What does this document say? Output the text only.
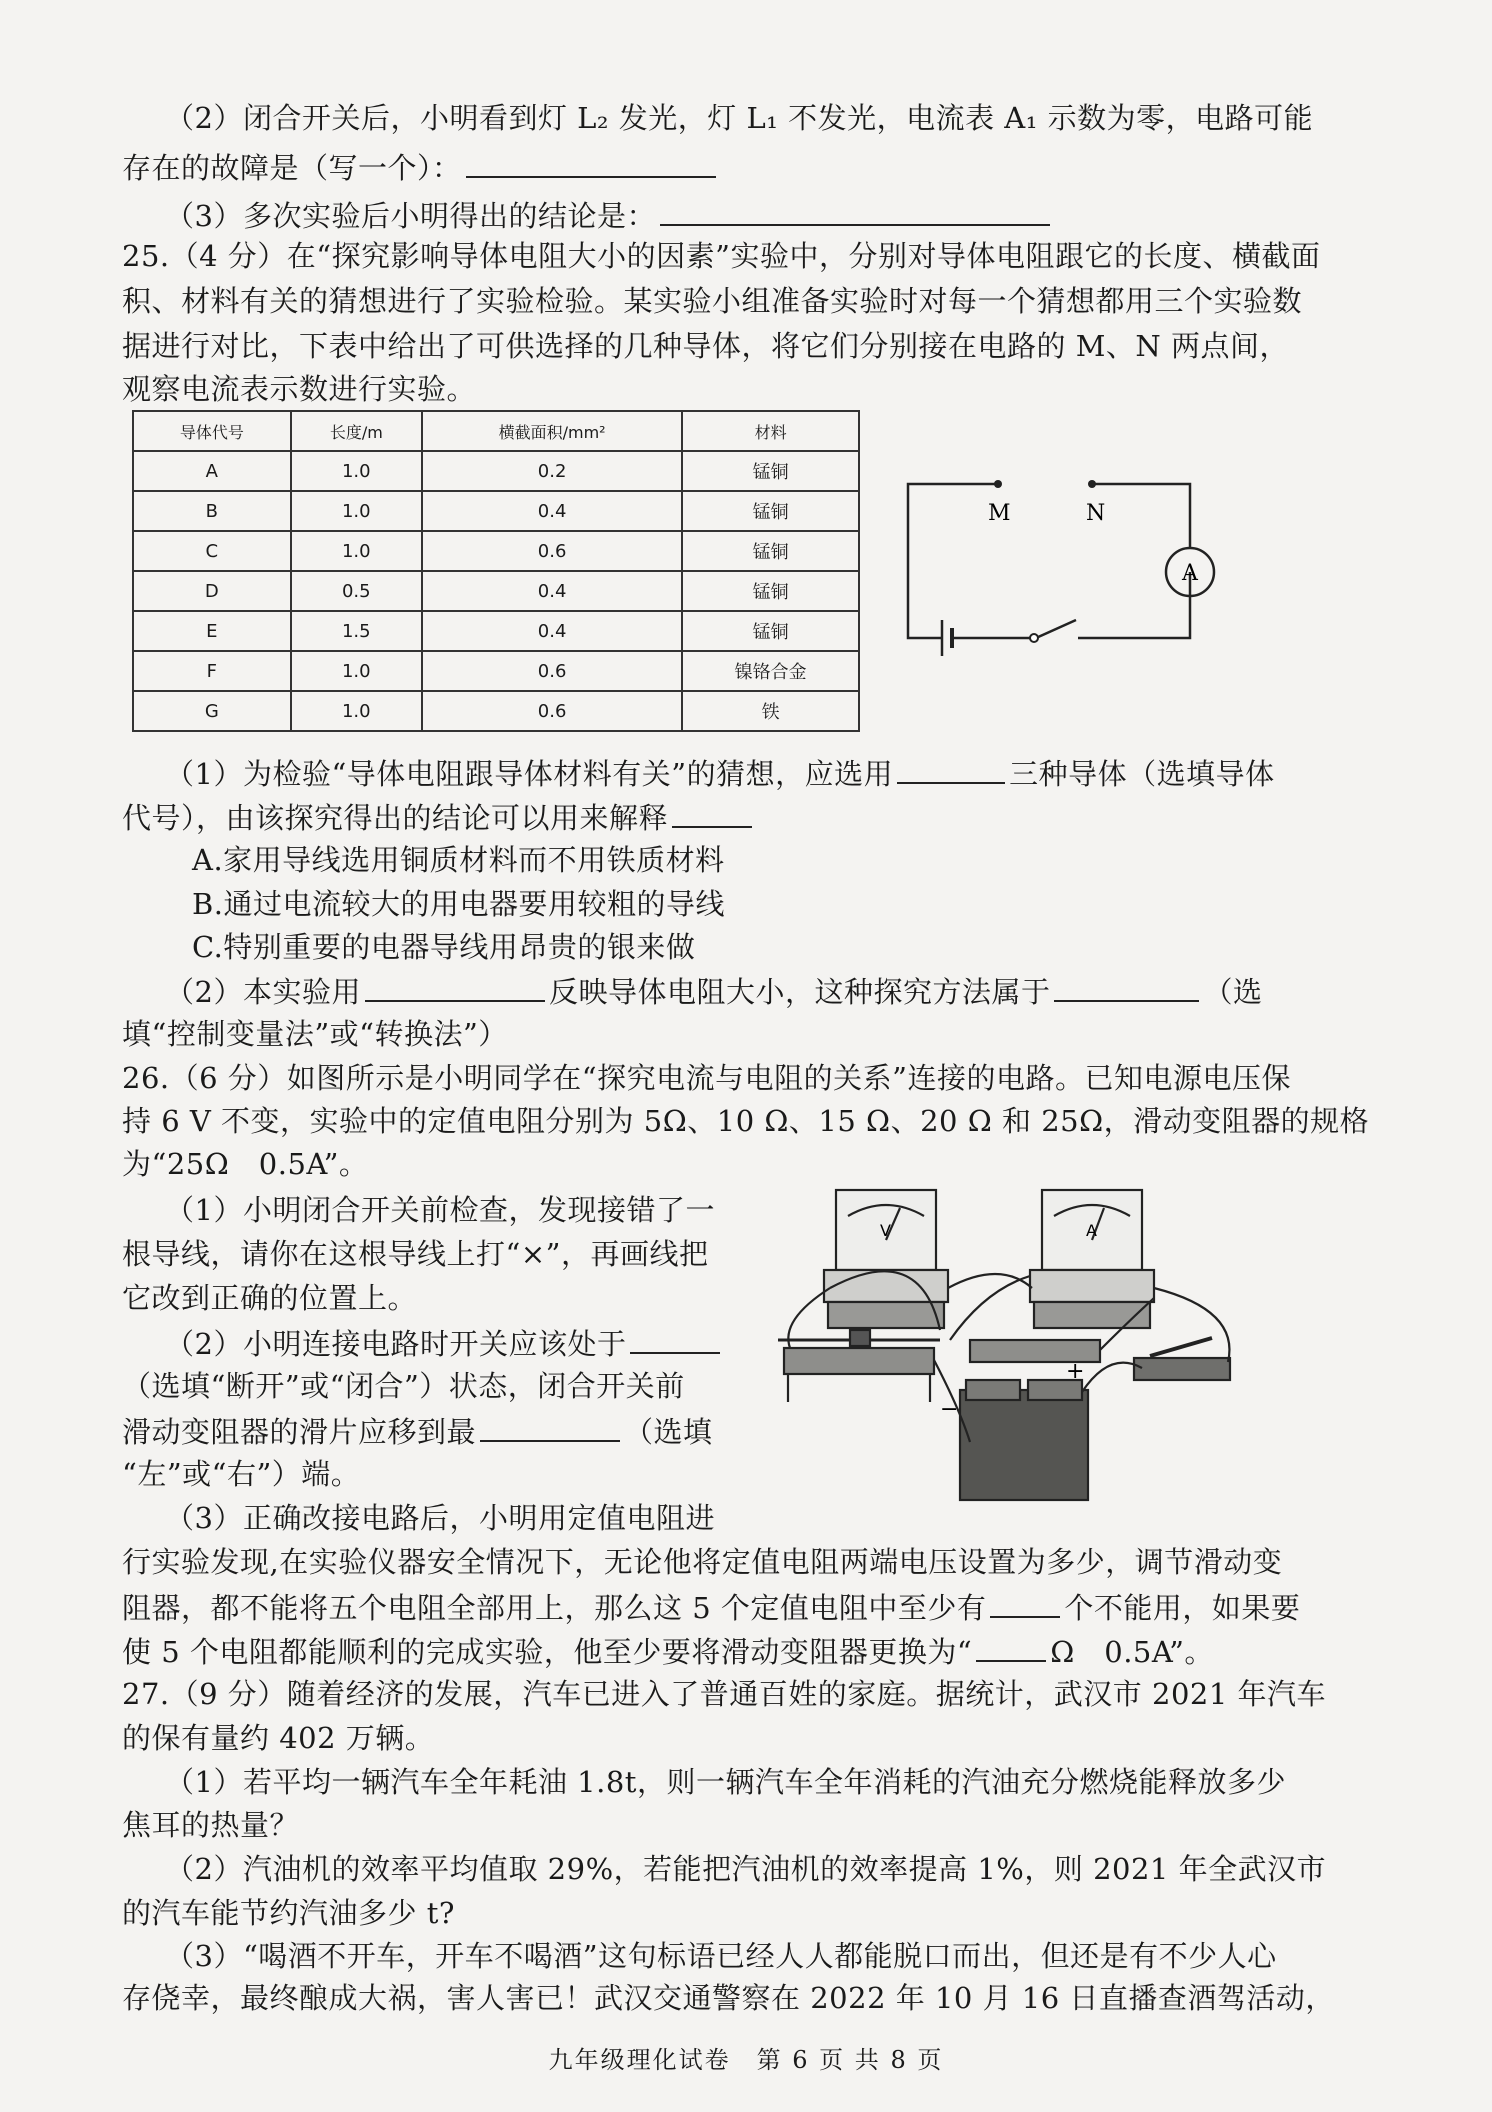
（2）闭合开关后，小明看到灯 L₂ 发光，灯 L₁ 不发光，电流表 A₁ 示数为零，电路可能
存在的故障是（写一个）：
（3）多次实验后小明得出的结论是：
25.（4 分）在“探究影响导体电阻大小的因素”实验中，分别对导体电阻跟它的长度、横截面
积、材料有关的猜想进行了实验检验。某实验小组准备实验时对每一个猜想都用三个实验数
据进行对比，下表中给出了可供选择的几种导体，将它们分别接在电路的 M、N 两点间，
观察电流表示数进行实验。
导体代号	长度/m	横截面积/mm²	材料
A	1.0	0.2	锰铜
B	1.0	0.4	锰铜
C	1.0	0.6	锰铜
D	0.5	0.4	锰铜
E	1.5	0.4	锰铜
F	1.0	0.6	镍铬合金
G	1.0	0.6	铁
M	N
A
（1）为检验“导体电阻跟导体材料有关”的猜想，应选用	三种导体（选填导体
代号），由该探究得出的结论可以用来解释
A.家用导线选用铜质材料而不用铁质材料
B.通过电流较大的用电器要用较粗的导线
C.特别重要的电器导线用昂贵的银来做
（2）本实验用	反映导体电阻大小，这种探究方法属于	（选
填“控制变量法”或“转换法”）
26.（6 分）如图所示是小明同学在“探究电流与电阻的关系”连接的电路。已知电源电压保
持 6 V 不变，实验中的定值电阻分别为 5Ω、10 Ω、15 Ω、20 Ω 和 25Ω，滑动变阻器的规格
为“25Ω　0.5A”。
（1）小明闭合开关前检查，发现接错了一
根导线，请你在这根导线上打“×”，再画线把
它改到正确的位置上。
（2）小明连接电路时开关应该处于
（选填“断开”或“闭合”）状态，闭合开关前
滑动变阻器的滑片应移到最	（选填
“左”或“右”）端。
（3）正确改接电路后，小明用定值电阻进
行实验发现,在实验仪器安全情况下，无论他将定值电阻两端电压设置为多少，调节滑动变
阻器，都不能将五个电阻全部用上，那么这 5 个定值电阻中至少有	个不能用，如果要
使 5 个电阻都能顺利的完成实验，他至少要将滑动变阻器更换为“	Ω　0.5A”。
V	A
+
−
27.（9 分）随着经济的发展，汽车已进入了普通百姓的家庭。据统计，武汉市 2021 年汽车
的保有量约 402 万辆。
（1）若平均一辆汽车全年耗油 1.8t，则一辆汽车全年消耗的汽油充分燃烧能释放多少
焦耳的热量？
（2）汽油机的效率平均值取 29%，若能把汽油机的效率提高 1%，则 2021 年全武汉市
的汽车能节约汽油多少 t?
（3）“喝酒不开车，开车不喝酒”这句标语已经人人都能脱口而出，但还是有不少人心
存侥幸，最终酿成大祸，害人害已！武汉交通警察在 2022 年 10 月 16 日直播查酒驾活动，
九年级理化试卷　第 6 页 共 8 页
